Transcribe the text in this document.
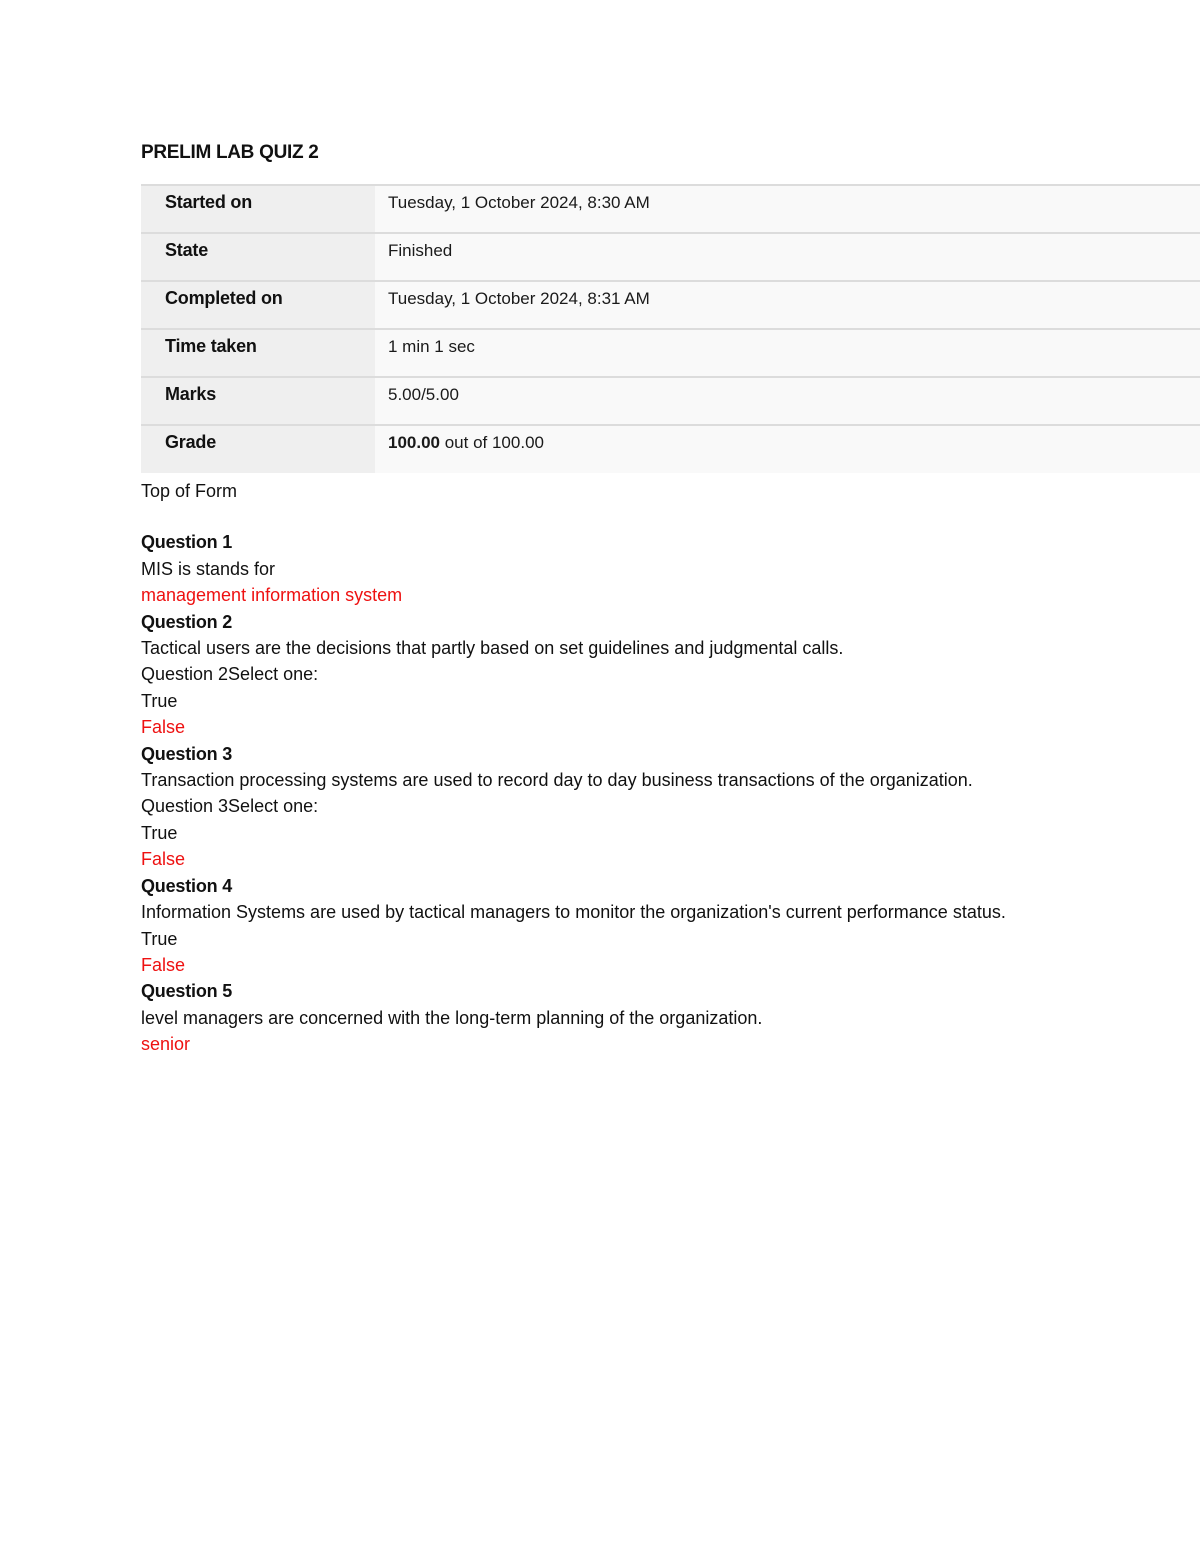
PRELIM LAB QUIZ 2
Started on	Tuesday, 1 October 2024, 8:30 AM
State	Finished
Completed on	Tuesday, 1 October 2024, 8:31 AM
Time taken	1 min 1 sec
Marks	5.00/5.00
Grade	100.00 out of 100.00
Top of Form
Question 1
MIS is stands for
management information system
Question 2
Tactical users are the decisions that partly based on set guidelines and judgmental calls.
Question 2Select one:
True
False
Question 3
Transaction processing systems are used to record day to day business transactions of the organization.
Question 3Select one:
True
False
Question 4
Information Systems are used by tactical managers to monitor the organization's current performance status.
True
False
Question 5
level managers are concerned with the long-term planning of the organization.
senior
